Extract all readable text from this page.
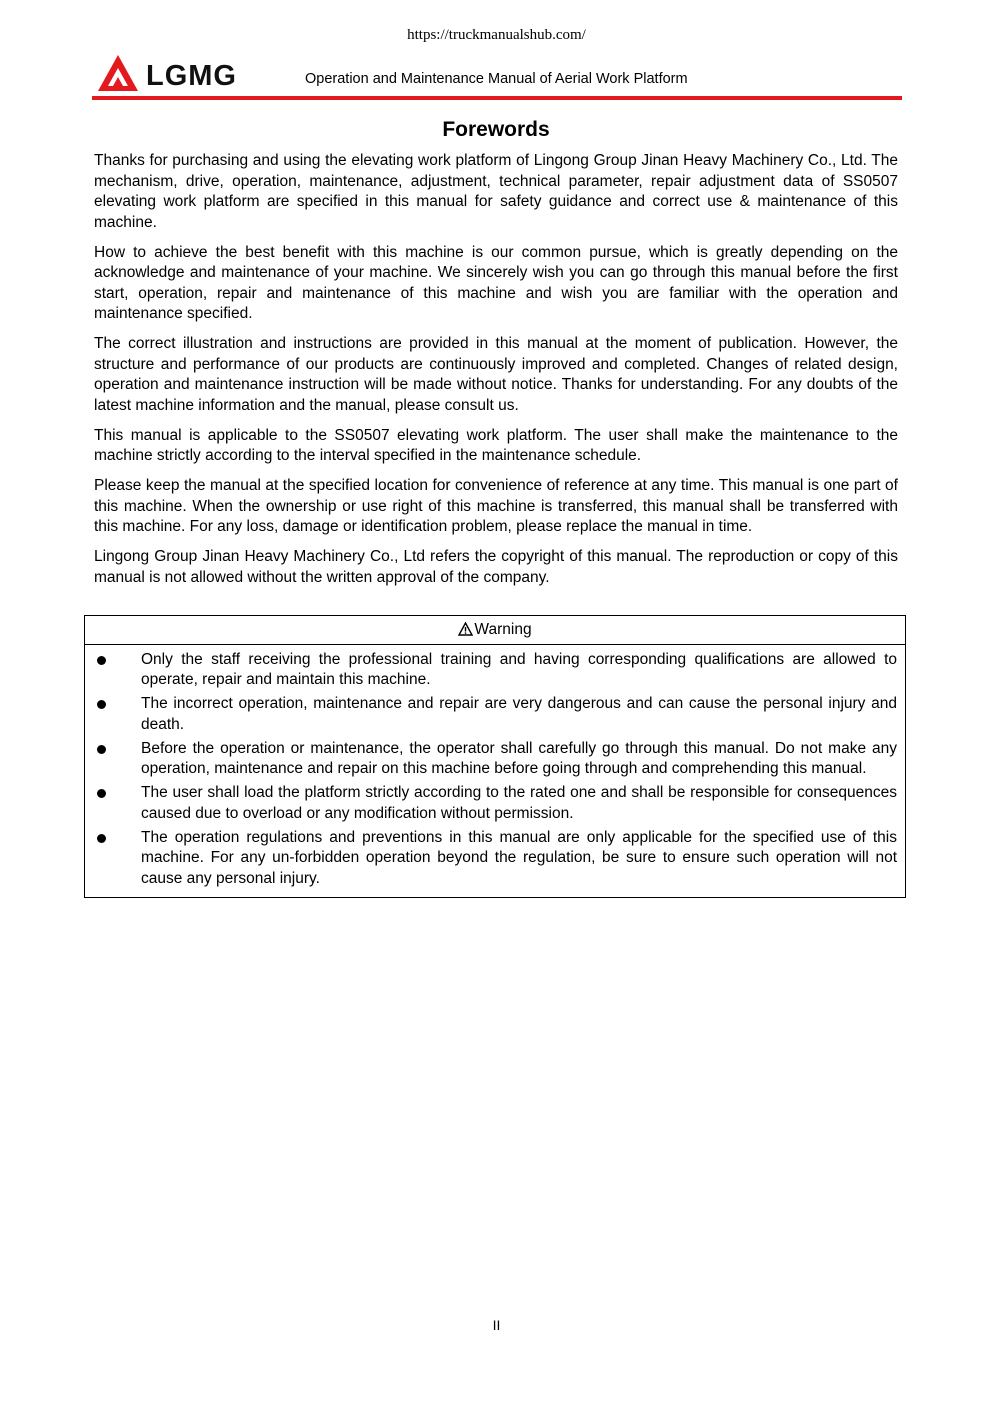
https://truckmanualshub.com/
LGMG	Operation and Maintenance Manual of Aerial Work Platform
Forewords

Thanks for purchasing and using the elevating work platform of Lingong Group Jinan Heavy Machinery Co., Ltd. The mechanism, drive, operation, maintenance, adjustment, technical parameter, repair adjustment data of SS0507 elevating work platform are specified in this manual for safety guidance and correct use & maintenance of this machine.

How to achieve the best benefit with this machine is our common pursue, which is greatly depending on the acknowledge and maintenance of your machine. We sincerely wish you can go through this manual before the first start, operation, repair and maintenance of this machine and wish you are familiar with the operation and maintenance specified.

The correct illustration and instructions are provided in this manual at the moment of publication. However, the structure and performance of our products are continuously improved and completed. Changes of related design, operation and maintenance instruction will be made without notice. Thanks for understanding. For any doubts of the latest machine information and the manual, please consult us.

This manual is applicable to the SS0507 elevating work platform. The user shall make the maintenance to the machine strictly according to the interval specified in the maintenance schedule.

Please keep the manual at the specified location for convenience of reference at any time. This manual is one part of this machine. When the ownership or use right of this machine is transferred, this manual shall be transferred with this machine. For any loss, damage or identification problem, please replace the manual in time.

Lingong Group Jinan Heavy Machinery Co., Ltd refers the copyright of this manual. The reproduction or copy of this manual is not allowed without the written approval of the company.

Warning
Only the staff receiving the professional training and having corresponding qualifications are allowed to operate, repair and maintain this machine.
The incorrect operation, maintenance and repair are very dangerous and can cause the personal injury and death.
Before the operation or maintenance, the operator shall carefully go through this manual. Do not make any operation, maintenance and repair on this machine before going through and comprehending this manual.
The user shall load the platform strictly according to the rated one and shall be responsible for consequences caused due to overload or any modification without permission.
The operation regulations and preventions in this manual are only applicable for the specified use of this machine. For any un-forbidden operation beyond the regulation, be sure to ensure such operation will not cause any personal injury.
II
